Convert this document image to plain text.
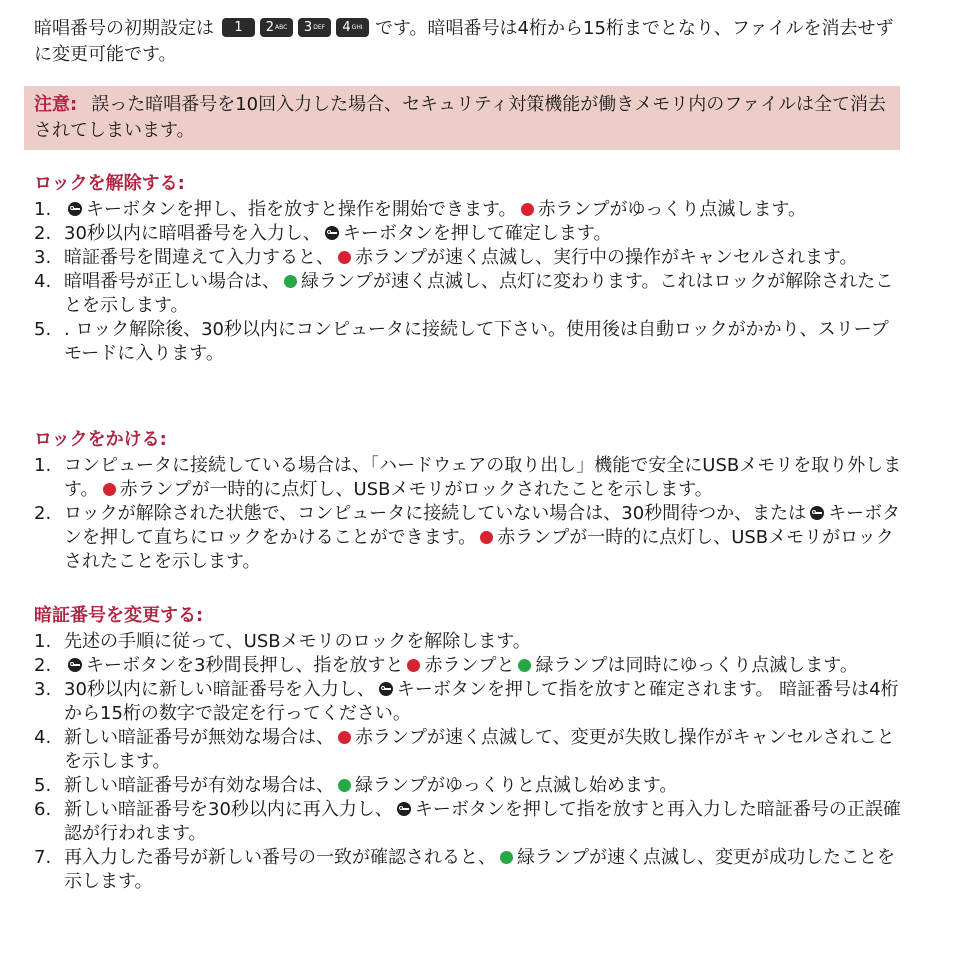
暗唱番号の初期設定は 1 2 ABC 3 DEF 4 GHI です。暗唱番号は4桁から15桁までとなり、ファイルを消去せずに変更可能です。

注意: 誤った暗唱番号を10回入力した場合、セキュリティ対策機能が働きメモリ内のファイルは全て消去されてしまいます。
ロックを解除する:
1. キーボタンを押し、指を放すと操作を開始できます。 赤ランプがゆっくり点滅します。
2. 30秒以内に暗唱番号を入力し、 キーボタンを押して確定します。
3. 暗証番号を間違えて入力すると、 赤ランプが速く点滅し、実行中の操作がキャンセルされます。
4. 暗唱番号が正しい場合は、 緑ランプが速く点滅し、点灯に変わります。これはロックが解除されたことを示します。
5. . ロック解除後、30秒以内にコンピュータに接続して下さい。使用後は自動ロックがかかり、スリープモードに入ります。
ロックをかける:
1. コンピュータに接続している場合は、「ハードウェアの取り出し」機能で安全にUSBメモリを取り外します。 赤ランプが一時的に点灯し、USBメモリがロックされたことを示します。
2. ロックが解除された状態で、コンピュータに接続していない場合は、30秒間待つか、または キーボタンを押して直ちにロックをかけることができます。 赤ランプが一時的に点灯し、USBメモリがロックされたことを示します。
暗証番号を変更する:
1. 先述の手順に従って、USBメモリのロックを解除します。
2. キーボタンを3秒間長押し、指を放すと 赤ランプと 緑ランプは同時にゆっくり点滅します。
3. 30秒以内に新しい暗証番号を入力し、 キーボタンを押して指を放すと確定されます。 暗証番号は4桁から15桁の数字で設定を行ってください。
4. 新しい暗証番号が無効な場合は、 赤ランプが速く点滅して、変更が失敗し操作がキャンセルされことを示します。
5. 新しい暗証番号が有効な場合は、 緑ランプがゆっくりと点滅し始めます。
6. 新しい暗証番号を30秒以内に再入力し、 キーボタンを押して指を放すと再入力した暗証番号の正誤確認が行われます。
7. 再入力した番号が新しい番号の一致が確認されると、 緑ランプが速く点滅し、変更が成功したことを示します。
